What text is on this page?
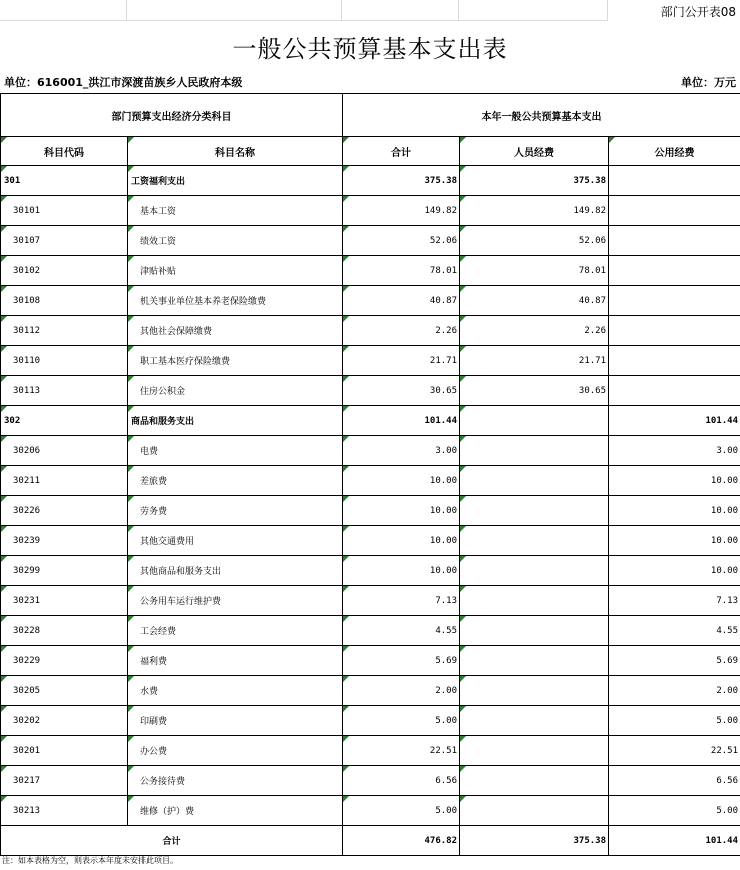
部门公开表08
一般公共预算基本支出表
单位：616001_洪江市深渡苗族乡人民政府本级	单位：万元
部门预算支出经济分类科目		本年一般公共预算基本支出		
科目代码	科目名称	合计	人员经费	公用经费
301	工资福利支出	375.38	375.38	
30101	基本工资	149.82	149.82	
30107	绩效工资	52.06	52.06	
30102	津贴补贴	78.01	78.01	
30108	机关事业单位基本养老保险缴费	40.87	40.87	
30112	其他社会保障缴费	2.26	2.26	
30110	职工基本医疗保险缴费	21.71	21.71	
30113	住房公积金	30.65	30.65	
302	商品和服务支出	101.44		101.44
30206	电费	3.00		3.00
30211	差旅费	10.00		10.00
30226	劳务费	10.00		10.00
30239	其他交通费用	10.00		10.00
30299	其他商品和服务支出	10.00		10.00
30231	公务用车运行维护费	7.13		7.13
30228	工会经费	4.55		4.55
30229	福利费	5.69		5.69
30205	水费	2.00		2.00
30202	印刷费	5.00		5.00
30201	办公费	22.51		22.51
30217	公务接待费	6.56		6.56
30213	维修（护）费	5.00		5.00
合计		476.82	375.38	101.44
注：如本表格为空，则表示本年度未安排此项目。
